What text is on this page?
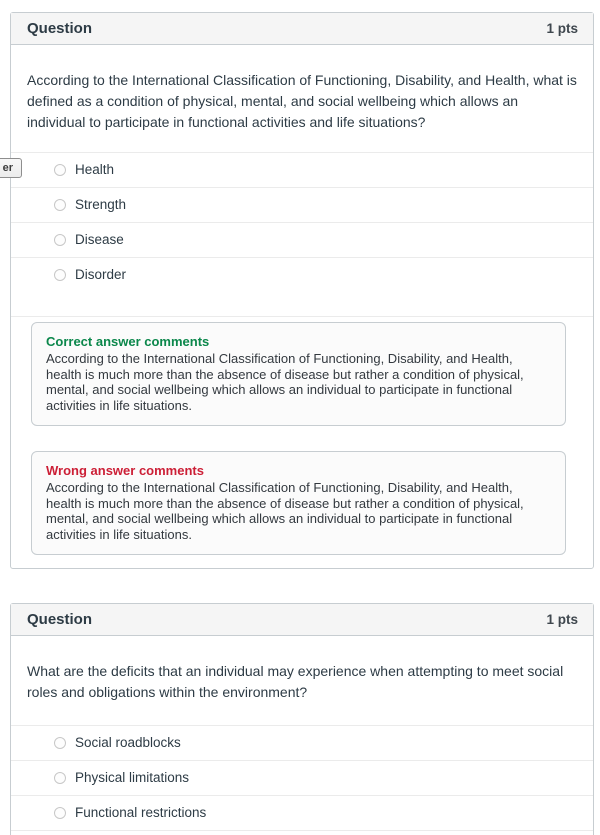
Question	1 pts
According to the International Classification of Functioning, Disability, and Health, what is defined as a condition of physical, mental, and social wellbeing which allows an individual to participate in functional activities and life situations?
Health
Strength
Disease
Disorder
Correct answer comments
According to the International Classification of Functioning, Disability, and Health, health is much more than the absence of disease but rather a condition of physical, mental, and social wellbeing which allows an individual to participate in functional activities in life situations.
Wrong answer comments
According to the International Classification of Functioning, Disability, and Health, health is much more than the absence of disease but rather a condition of physical, mental, and social wellbeing which allows an individual to participate in functional activities in life situations.
Question	1 pts
What are the deficits that an individual may experience when attempting to meet social roles and obligations within the environment?
Social roadblocks
Physical limitations
Functional restrictions
er
